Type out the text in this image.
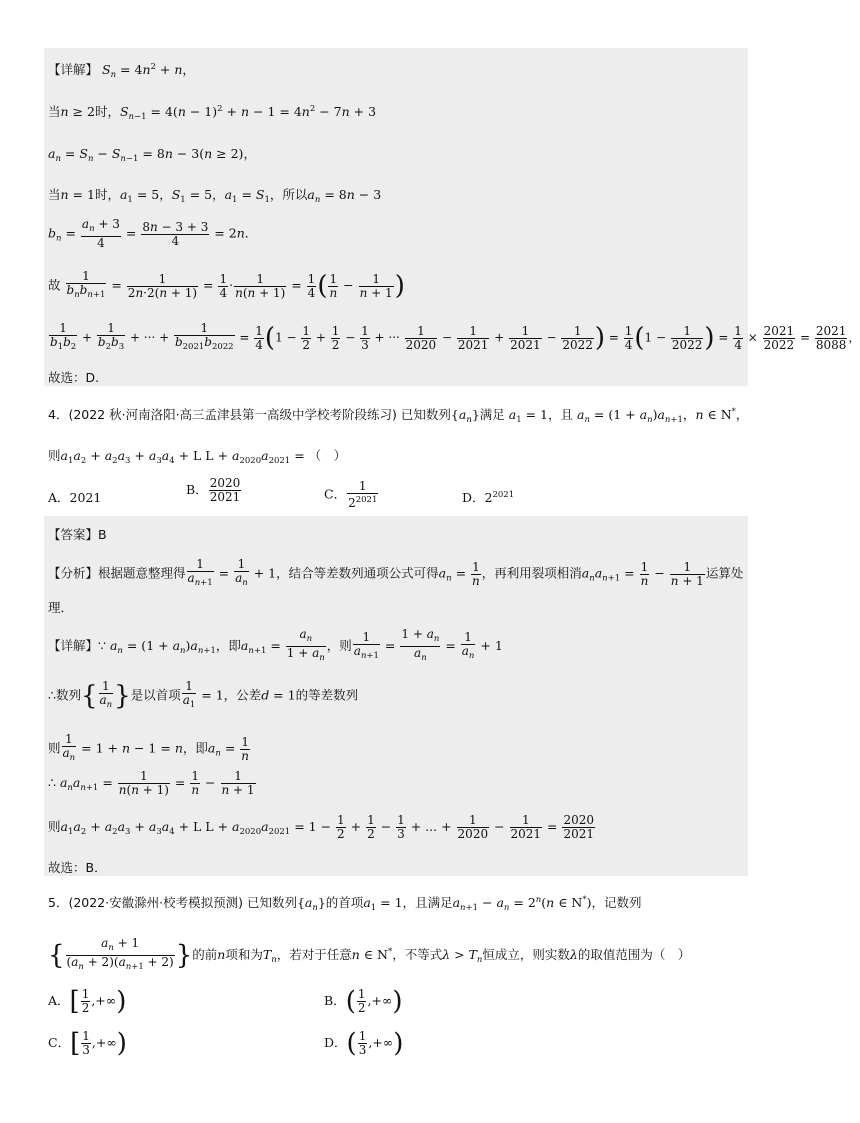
【详解】 $S_n = 4n^2 + n$，
当n ≥ 2时，$S_{n-1} = 4(n - 1)^2 + n - 1 = 4n^2 - 7n + 3$
$a_n = S_n - S_{n-1} = 8n - 3(n \ge 2)$，
当n = 1时，$a_1 = 5$，$S_1 = 5$，$a_1 = S_1$，所以$a_n = 8n - 3$
$b_n = \frac{a_n + 3}{4} = \frac{8n - 3 + 3}{4} = 2n$．
故 $\frac{1}{b_nb_{n+1}} = \frac{1}{2n\cdot 2(n + 1)} = \frac{1}{4} \cdot \frac{1}{n(n + 1)} = \frac{1}{4}$ ( $\frac{1}{n} - \frac{1}{n + 1}$ )
$\frac{1}{b_1b_2} + \frac{1}{b_2b_3}$ + ··· + $\frac{1}{b_{2021}b_{2022}} = \frac{1}{4} (1 - \frac{1}{2} + \frac{1}{2} - \frac{1}{3}$ + ··· $\frac{1}{2020} - \frac{1}{2021} + \frac{1}{2021} - \frac{1}{2022}$ ) = $\frac{1}{4} (1 - \frac{1}{2022}$ ) = $\frac{1}{4} \times \frac{2021}{2022} = \frac{2021}{8088}$ ，
故选：D.
4．(2022 秋·河南洛阳·高三孟津县第一高级中学校考阶段练习) 已知数列$\{a_n\}$满足 $a_1 = 1$，且 $a_n = (1 + a_n)a_{n+1}$，n ∈ N*，
则$a_1a_2 + a_2a_3 + a_3a_4 + L$ $L + a_{2020}a_{2021}$ = （　）
A．2021
B． $\frac{2020}{2021}$	C． $\frac{1}{2^{2021}}$	D．$2^{2021}$
【答案】B
【分析】根据题意整理得 $\frac{1}{a_{n+1}} = \frac{1}{a_n} + 1$，结合等差数列通项公式可得$a_n = \frac{1}{n}$ ，再利用裂项相消$a_na_{n+1} = \frac{1}{n} - \frac{1}{n + 1}$ 运算处
理．
【详解】∵ $a_n = (1 + a_n)a_{n+1}$，即$a_{n+1} = \frac{a_n}{1 + a_n}$ ，则 $\frac{1}{a_{n+1}} = \frac{1 + a_n}{a_n} = \frac{1}{a_n} + 1$
∴数列{ $\frac{1}{a_n}$ }是以首项 $\frac{1}{a_1} = 1$，公差d = 1的等差数列
则 $\frac{1}{a_n} = 1 + n - 1 = n$，即$a_n = \frac{1}{n}$
∴ $a_na_{n+1} = \frac{1}{n(n + 1)} = \frac{1}{n} - \frac{1}{n + 1}$
则$a_1a_2 + a_2a_3 + a_3a_4 + L$ $L + a_{2020}a_{2021} = 1 - \frac{1}{2} + \frac{1}{2} - \frac{1}{3}$ + ... + $\frac{1}{2020} - \frac{1}{2021} = \frac{2020}{2021}$
故选：B．
5．(2022·安徽滁州·校考模拟预测) 已知数列$\{a_n\}$的首项$a_1 = 1$，且满足$a_{n+1} - a_n = 2^n(n$ ∈ N*)，记数列
{ $\frac{a_n + 1}{(a_n + 2)(a_{n+1} + 2)}$ }的前n项和为$T_n$，若对于任意n ∈ N*，不等式$\lambda > T_n$恒成立，则实数λ的取值范围为（　）
A．[ $\frac{1}{2}$ ,+∞)	B．( $\frac{1}{2}$ ,+∞)
C．[ $\frac{1}{3}$ ,+∞)	D．( $\frac{1}{3}$ ,+∞)
